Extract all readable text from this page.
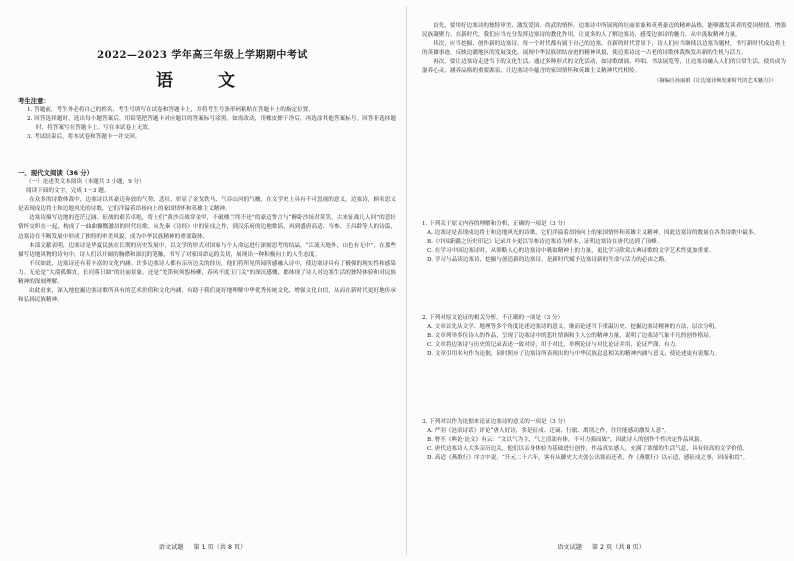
2022—2023 学年高三年级上学期期中考试
语　文
考生注意：

1. 答题前，考生务必将自己的姓名、考生号填写在试卷和答题卡上，并将考生号条形码粘贴在答题卡上的指定位置。

2. 回答选择题时，选出每小题答案后，用铅笔把答题卡对应题目的答案标号涂黑。如需改动，用橡皮擦干净后，再选涂其他答案标号。回答非选择题时，将答案写在答题卡上。写在本试卷上无效。

3. 考试结束后，将本试卷和答题卡一并交回。

一、现代文阅读（36 分）

（一）论述类文本阅读（本题共 3 小题，9 分）

阅读下面的文字，完成 1～3 题。

在众多的诗歌体裁中，边塞诗以其豪迈奔放的气势、悲壮、彰显了金戈铁马、气吞山河的气概，在文学史上具有不可忽视的意义。边塞诗，顾名思义是表现戍边将士和边地风光的诗歌，它们洋溢着昂扬向上的家国情怀和英雄主义精神。

边塞诗描写边地的苍茫辽阔、征战的艰苦卓绝，将士们“黄沙百战穿金甲，不破楼兰终不还”的豪迈誓言与“醉卧沙场君莫笑，古来征战几人回”的悲壮情怀交织在一起，构成了一曲曲慷慨激昂的时代壮歌。从先秦《诗经》中的征戍之作，到汉乐府的边地歌谣，再到盛唐高适、岑参、王昌龄等人的诗篇，边塞诗在不断发展中形成了独特的审美风貌，成为中华民族精神的重要载体。

本部文献表明，边塞诗是华夏民族在长期的历史发展中，以文学的形式对国家与个人命运进行深刻思考的结晶。“江流天地外，山色有无中”，在那些描写边地风物的诗句中，诗人们以开阔的胸襟和深沉的笔触，书写了对家国命运的关切，展现出一种积极向上的人生态度。

不仅如此，边塞诗还有着丰富的文化内涵。许多边塞诗人都有亲历边关的经历，他们将所见所闻所感融入诗中，使边塞诗具有了极强的现实性和感染力。无论是“大漠孤烟直，长河落日圆”的壮丽景象，还是“羌笛何须怨杨柳，春风不度玉门关”的深沉感慨，都体现了诗人对边塞生活的独特体验和对民族精神的深刻理解。

由此看来，深入地挖掘边塞诗歌所具有的艺术价值和文化内涵，有助于我们更好地理解中华优秀传统文化，增强文化自信，从而在新时代更好地传承和弘扬民族精神。

语文试题 第 1 页（共 8 页）

首先，要用好边塞诗的独特审美、激发爱国、尚武的情怀。边塞诗中所展现的壮丽景象和英勇豪迈的精神品格，能够激发读者的爱国热情，增强民族凝聚力。在新时代，我们应当充分发挥边塞诗的教化作用，让更多的人了解边塞诗，感受边塞诗的魅力，从中汲取精神力量。

其次，应当挖掘、创作新的边塞诗。每一个时代都有属于自己的边塞，在新的时代背景下，诗人们应当继续以边塞为题材，书写新时代戍边将士的英雄事迹，反映边疆地区的发展变化，展现中华民族团结奋进的精神风貌，使边塞诗这一古老的诗歌体裁焕发出新的生机与活力。

再次，要让边塞诗走进当下的文化生活。通过多种形式的文化活动，如诗歌朗诵、吟唱、书法展览等，让边塞诗融入人们的日常生活，使其成为滋养心灵、涵养品格的重要源泉，让边塞诗中蕴含的家国情怀和英雄主义精神代代相传。

（摘编自孙丽娟《让边塞诗焕发新时代的艺术魅力》）

1. 下列关于原文内容的理解和分析，正确的一项是（3 分）

A. 边塞诗是表现戍边将士和边地风光的诗歌，它们洋溢着昂扬向上的家国情怀和英雄主义精神，因此边塞诗的数量在各类诗歌中最多。

B.《中国新疆之历史印记》记录并卡更以岑参诗边塞诗为样本，证明边塞诗在唐代达到了顶峰。

C. 在学习中国边塞诗时，从领略人心的边塞诗中吸取精神上的力量，更比学习欣赏古典诗歌的文学艺术性更加重要。

D. 学习与品读边塞诗，挖掘与创造新的边塞诗，是新时代赋予边塞诗新的生命与活力的必由之路。

2. 下列对原文论证的相关分析，不正确的一项是（3 分）

A. 文章首先从文学、地理等多个角度论述边塞诗的意义，继而论述当下重温历史、挖掘边塞诗精神的方法，层次分明。

B. 文章列举多位诗人的作品，呈现了边塞诗中的悲壮情调和主人公的精神力量，说明了边塞诗气象不凡的创作格局。

C. 文章将边塞诗与历史的记录表述一致对待，用于对比，举例论证与对比论证并用，论证严谨、有力。

D. 文章引用名句作为论据，同时照应了边塞诗所表现出的与中华民族息息相关的精神内涵与意义，使论述更有说服力。

3. 下列对以作为论据来论证边塞诗的意义的一项是（3 分）

A. 严羽《沧浪诗话》评论“唐人好诗，多是征戍、迁谪、行旅、离别之作，往往能感动激发人意”。

B. 曹丕《典论·论文》有云：“文以气为主，气之清浊有体，不可力强而致”，因此诗人的创作个性决定作品风貌。

C. 唐代边塞诗人大多亲历边关，他们以亲身体验为基础进行创作，作品真实感人，充满了浓郁的生活气息，具有较高的文学价值。

D. 高适《燕歌行》序言中说，“开元二十六年，客有从御史大夫张公出塞而还者，作《燕歌行》以示适，感征戍之事，因而和焉”。

语文试题 第 2 页（共 8 页）
